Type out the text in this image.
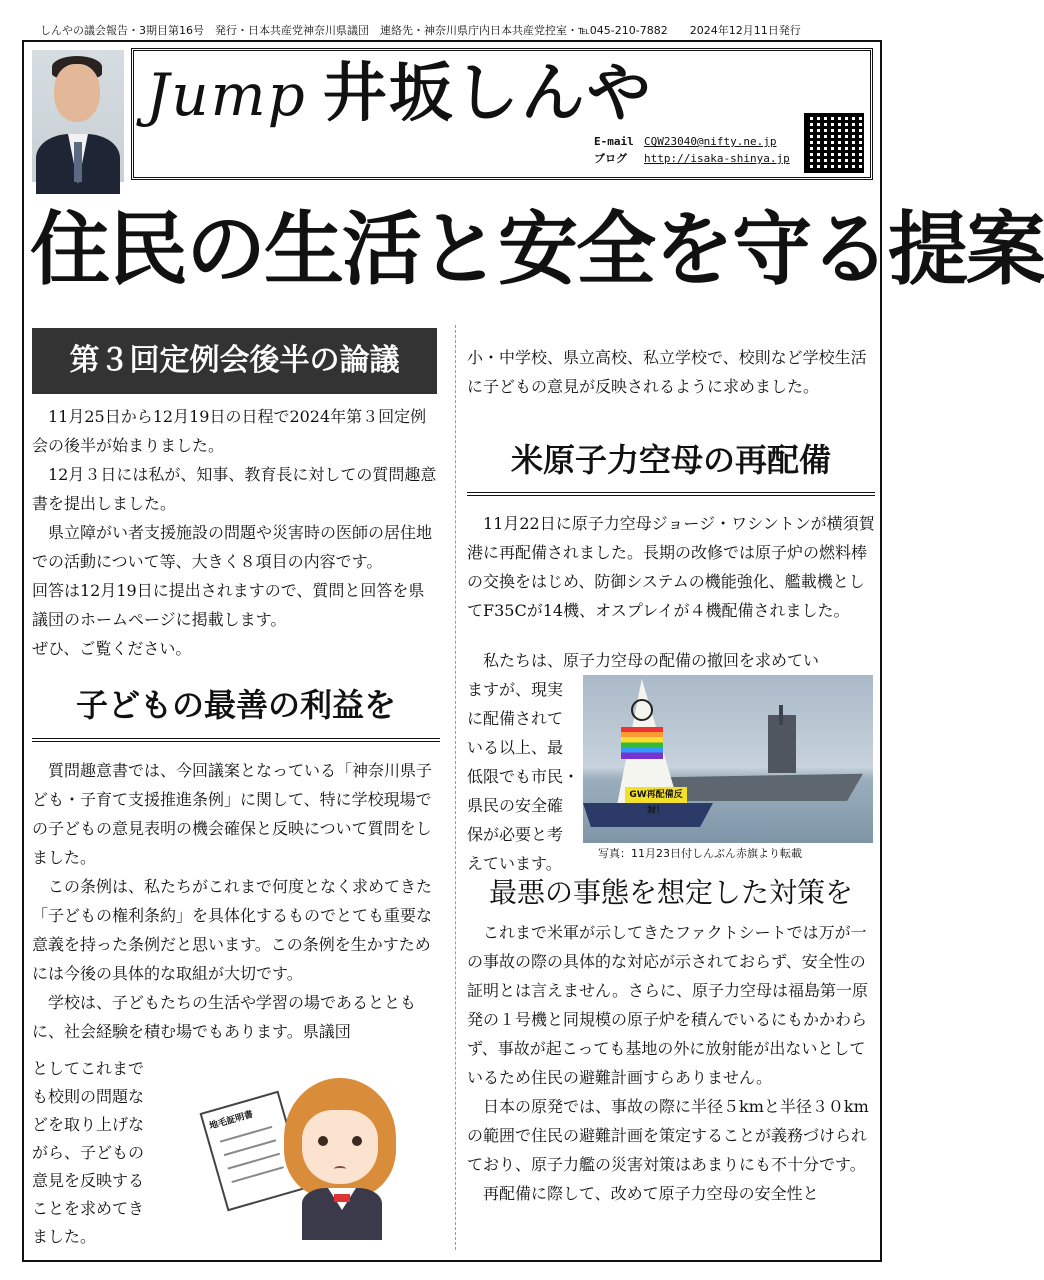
しんやの議会報告・3期目第16号　発行・日本共産党神奈川県議団　連絡先・神奈川県庁内日本共産党控室・℡045-210-7882　　2024年12月11日発行
Jump 井坂しんや
E-mail CQW23040@nifty.ne.jp
ブログ http://isaka-shinya.jp
住民の生活と安全を守る提案
第３回定例会後半の論議

11月25日から12月19日の日程で2024年第３回定例会の後半が始まりました。

12月３日には私が、知事、教育長に対しての質問趣意書を提出しました。

県立障がい者支援施設の問題や災害時の医師の居住地での活動について等、大きく８項目の内容です。

回答は12月19日に提出されますので、質問と回答を県議団のホームページに掲載します。

ぜひ、ご覧ください。

子どもの最善の利益を

質問趣意書では、今回議案となっている「神奈川県子ども・子育て支援推進条例」に関して、特に学校現場での子どもの意見表明の機会確保と反映について質問をしました。

この条例は、私たちがこれまで何度となく求めてきた「子どもの権利条約」を具体化するものでとても重要な意義を持った条例だと思います。この条例を生かすためには今後の具体的な取組が大切です。

学校は、子どもたちの生活や学習の場であるとともに、社会経験を積む場でもあります。県議団

としてこれまで
も校則の問題な
どを取り上げな
がら、子どもの
意見を反映する
ことを求めてき
ました。
地毛証明書

小・中学校、県立高校、私立学校で、校則など学校生活に子どもの意見が反映されるように求めました。

米原子力空母の再配備

11月22日に原子力空母ジョージ・ワシントンが横須賀港に再配備されました。長期の改修では原子炉の燃料棒の交換をはじめ、防御システムの機能強化、艦載機としてF35Cが14機、オスプレイが４機配備されました。

私たちは、原子力空母の配備の撤回を求めてい

ますが、現実
に配備されて
いる以上、最
低限でも市民・
県民の安全確
保が必要と考
えています。
GW再配備反対！
写真：11月23日付しんぶん赤旗より転載
最悪の事態を想定した対策を

これまで米軍が示してきたファクトシートでは万が一の事故の際の具体的な対応が示されておらず、安全性の証明とは言えません。さらに、原子力空母は福島第一原発の１号機と同規模の原子炉を積んでいるにもかかわらず、事故が起こっても基地の外に放射能が出ないとしているため住民の避難計画すらありません。

日本の原発では、事故の際に半径５kmと半径３０kmの範囲で住民の避難計画を策定することが義務づけられており、原子力艦の災害対策はあまりにも不十分です。

再配備に際して、改めて原子力空母の安全性と
